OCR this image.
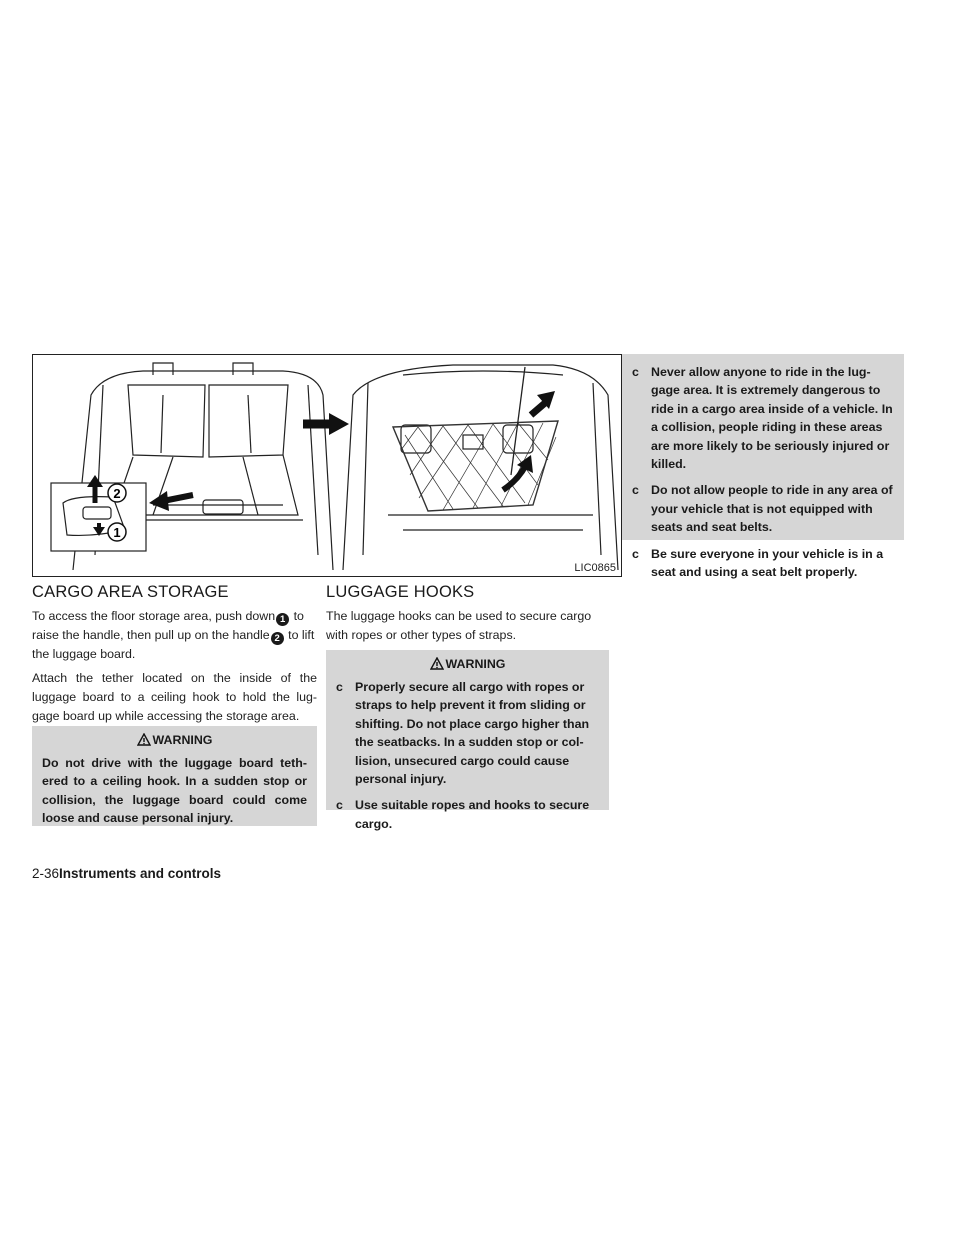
2
1
LIC0865
CARGO AREA STORAGE

To access the floor storage area, push down 1 to raise the handle, then pull up on the handle 2 to lift the luggage board.

Attach the tether located on the inside of the luggage board to a ceiling hook to hold the lug-gage board up while accessing the storage area.

WARNING

Do not drive with the luggage board teth-ered to a ceiling hook. In a sudden stop or collision, the luggage board could come loose and cause personal injury.

LUGGAGE HOOKS

The luggage hooks can be used to secure cargo with ropes or other types of straps.

WARNING
c Properly secure all cargo with ropes or straps to help prevent it from sliding or shifting. Do not place cargo higher than the seatbacks. In a sudden stop or col-lision, unsecured cargo could cause personal injury.
c Use suitable ropes and hooks to secure cargo.
c Never allow anyone to ride in the lug-gage area. It is extremely dangerous to ride in a cargo area inside of a vehicle. In a collision, people riding in these areas are more likely to be seriously injured or killed.
c Do not allow people to ride in any area of your vehicle that is not equipped with seats and seat belts.
c Be sure everyone in your vehicle is in a seat and using a seat belt properly.
2-36Instruments and controls
